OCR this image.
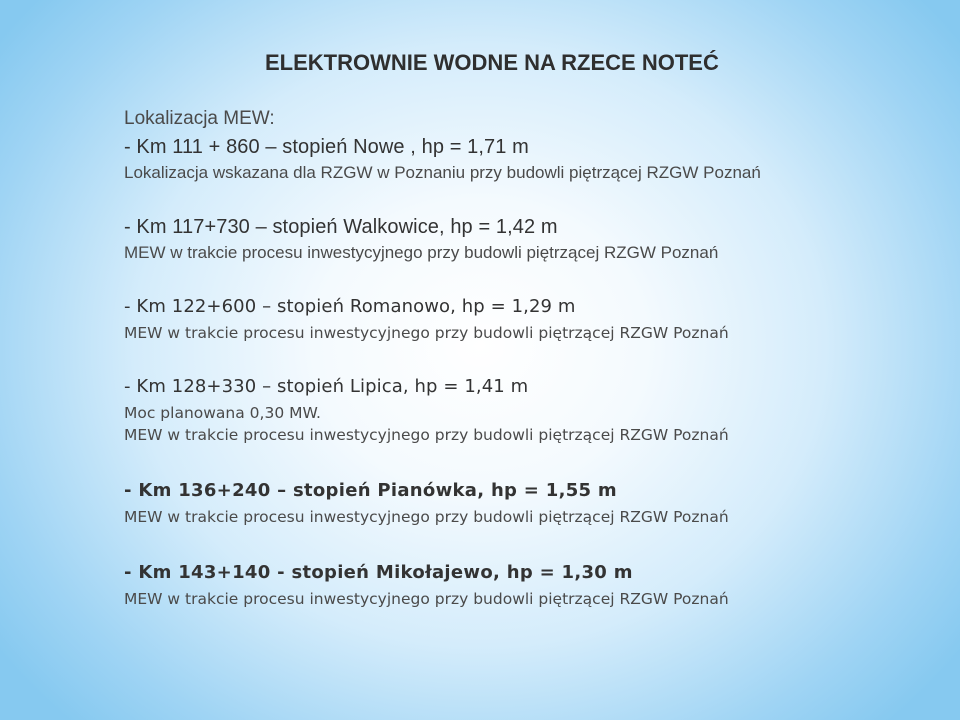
ELEKTROWNIE WODNE NA RZECE NOTEĆ

Lokalizacja MEW:

- Km 111 + 860 – stopień Nowe , hp = 1,71 m

Lokalizacja wskazana dla RZGW w Poznaniu przy budowli piętrzącej RZGW Poznań

- Km 117+730 – stopień Walkowice, hp = 1,42 m

MEW w trakcie procesu inwestycyjnego przy budowli piętrzącej RZGW Poznań

- Km 122+600 – stopień Romanowo, hp = 1,29 m

MEW w trakcie procesu inwestycyjnego przy budowli piętrzącej RZGW Poznań

- Km 128+330 – stopień Lipica, hp = 1,41 m

Moc planowana 0,30 MW.

MEW w trakcie procesu inwestycyjnego przy budowli piętrzącej RZGW Poznań

- Km 136+240 – stopień Pianówka, hp = 1,55 m

MEW w trakcie procesu inwestycyjnego przy budowli piętrzącej RZGW Poznań

- Km 143+140 - stopień Mikołajewo, hp = 1,30 m

MEW w trakcie procesu inwestycyjnego przy budowli piętrzącej RZGW Poznań
